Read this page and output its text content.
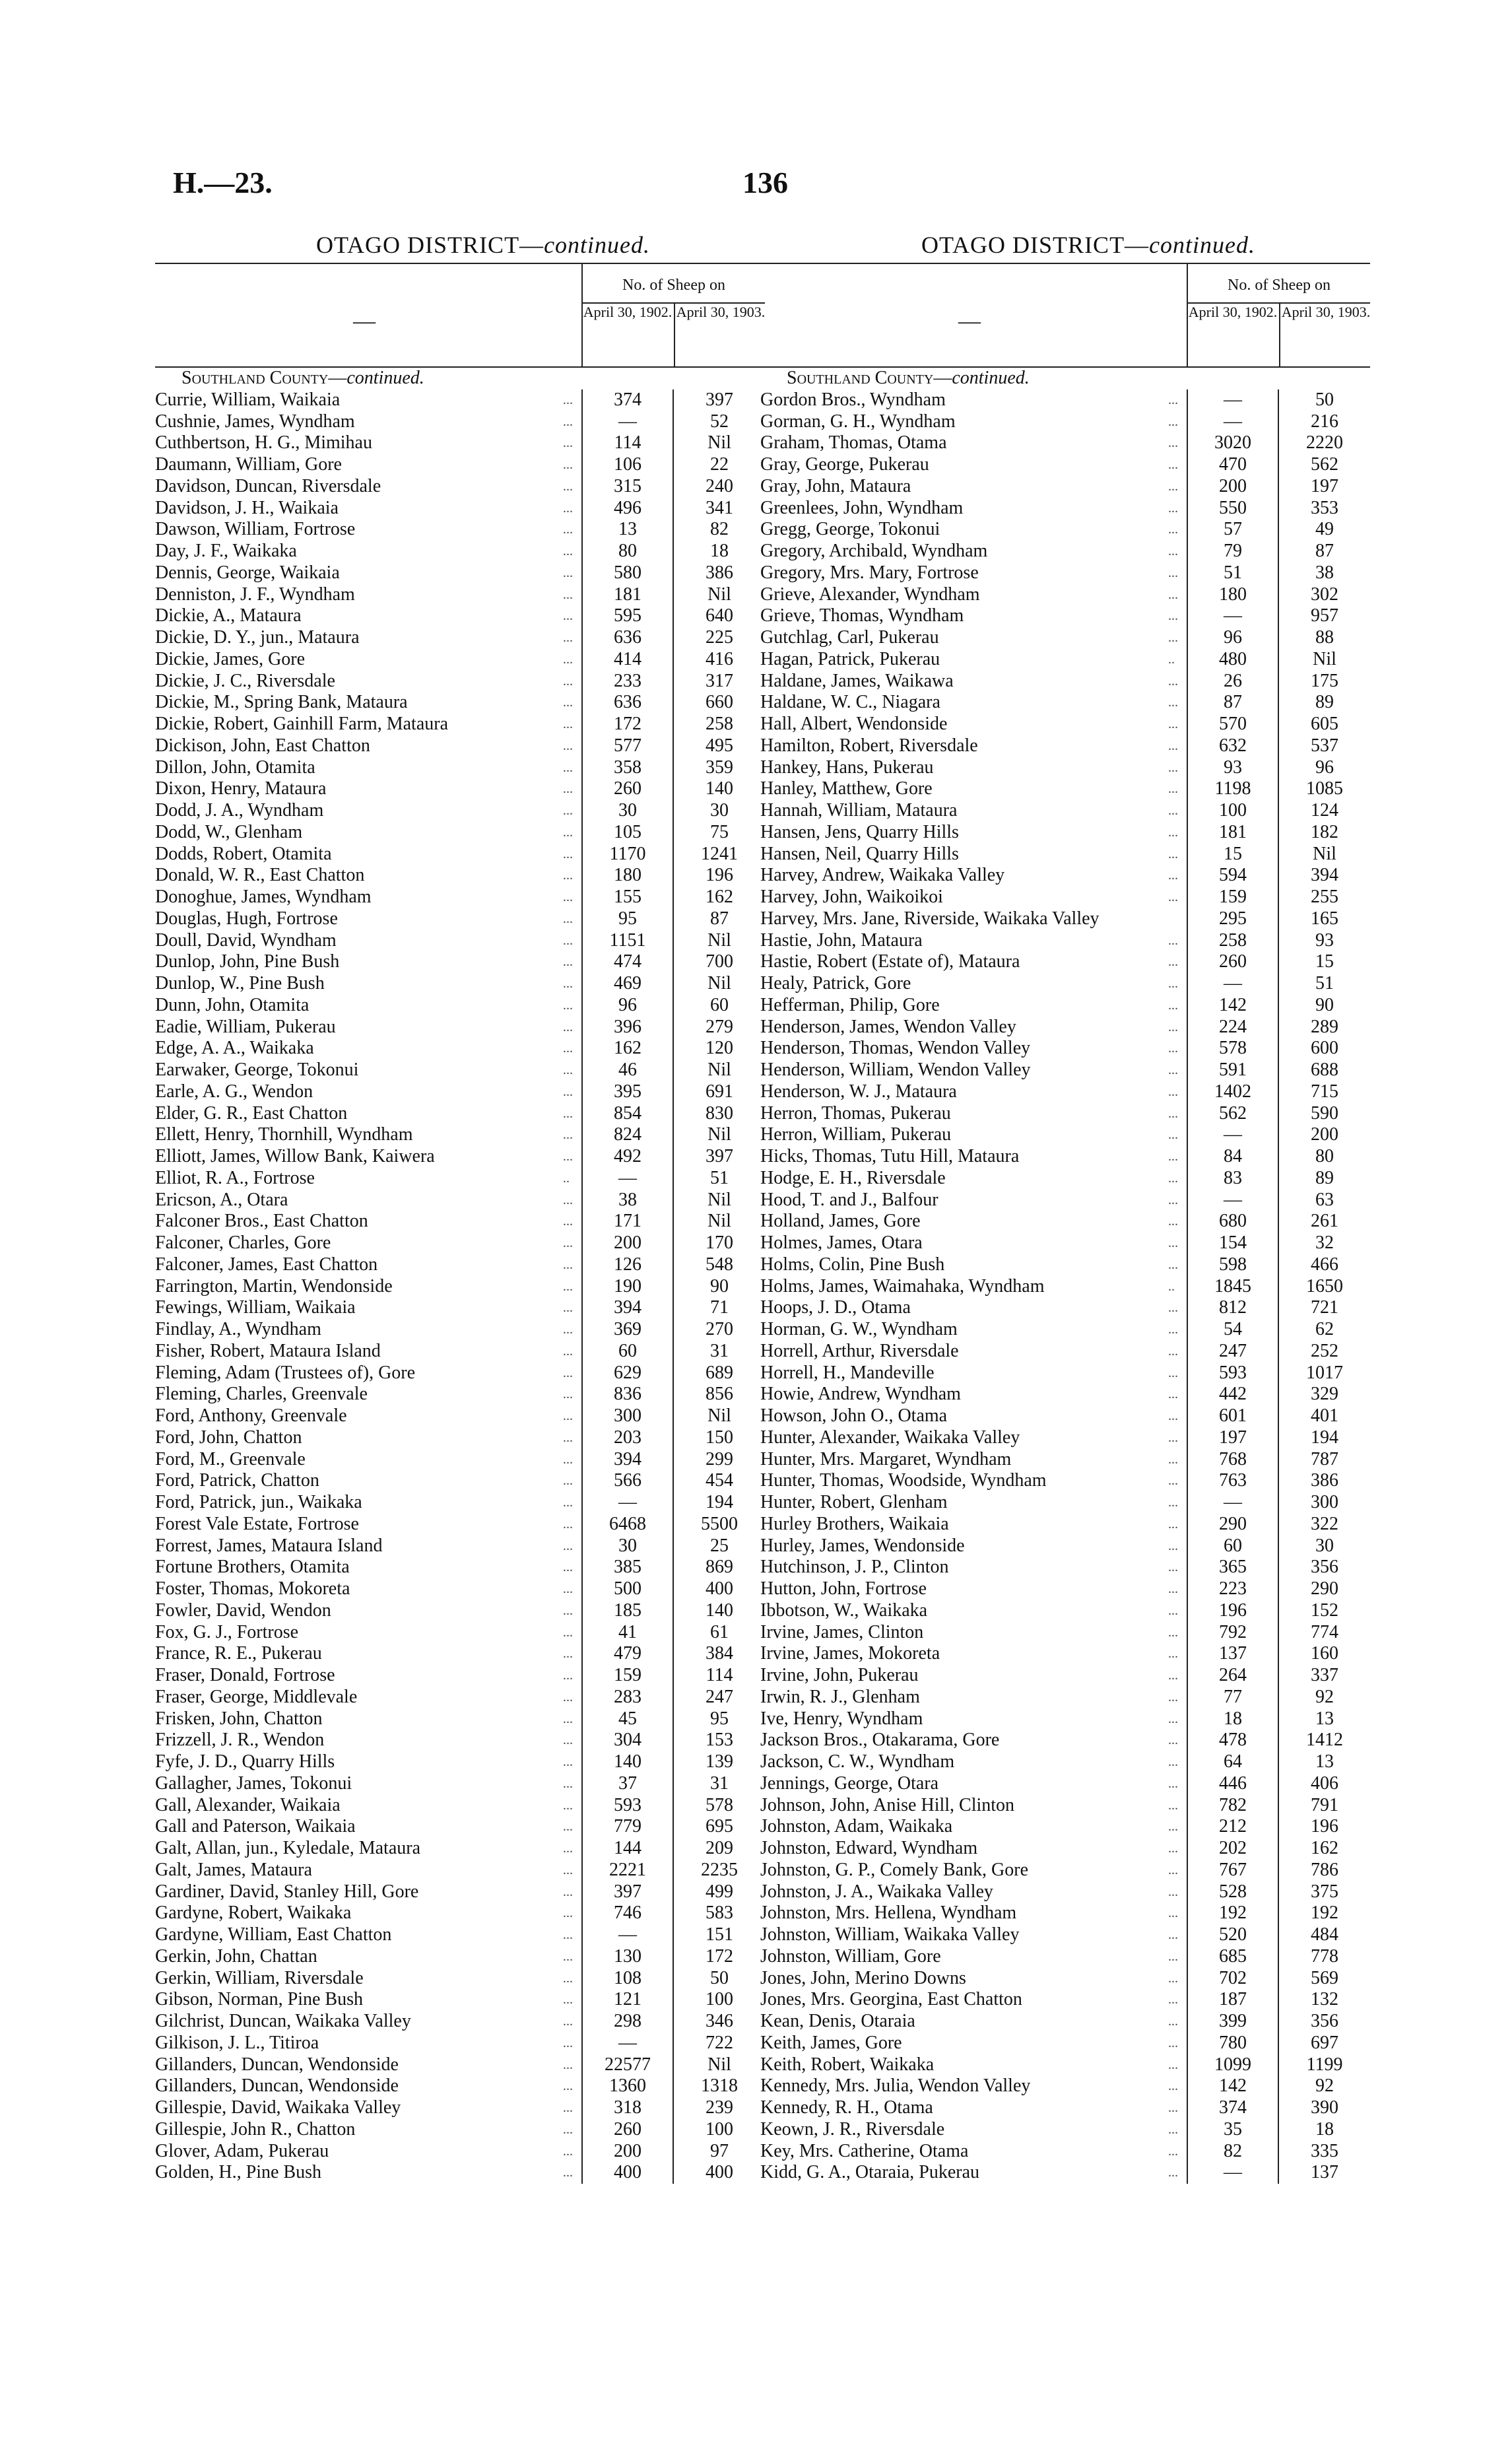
H.—23.	136
OTAGO DISTRICT—continued.
—
No. of Sheep on
April 30, 1902. April 30, 1903.
Southland County— continued.
Currie, William, Waikaia	...	374	397
Cushnie, James, Wyndham	...	—	52
Cuthbertson, H. G., Mimihau	...	114	Nil
Daumann, William, Gore	...	106	22
Davidson, Duncan, Riversdale	...	315	240
Davidson, J. H., Waikaia	...	496	341
Dawson, William, Fortrose	...	13	82
Day, J. F., Waikaka	...	80	18
Dennis, George, Waikaia	...	580	386
Denniston, J. F., Wyndham	...	181	Nil
Dickie, A., Mataura	...	595	640
Dickie, D. Y., jun., Mataura	...	636	225
Dickie, James, Gore	...	414	416
Dickie, J. C., Riversdale	...	233	317
Dickie, M., Spring Bank, Mataura	...	636	660
Dickie, Robert, Gainhill Farm, Mataura	...	172	258
Dickison, John, East Chatton	...	577	495
Dillon, John, Otamita	...	358	359
Dixon, Henry, Mataura	...	260	140
Dodd, J. A., Wyndham	...	30	30
Dodd, W., Glenham	...	105	75
Dodds, Robert, Otamita	...	1170	1241
Donald, W. R., East Chatton	...	180	196
Donoghue, James, Wyndham	...	155	162
Douglas, Hugh, Fortrose	...	95	87
Doull, David, Wyndham	...	1151	Nil
Dunlop, John, Pine Bush	...	474	700
Dunlop, W., Pine Bush	...	469	Nil
Dunn, John, Otamita	...	96	60
Eadie, William, Pukerau	...	396	279
Edge, A. A., Waikaka	...	162	120
Earwaker, George, Tokonui	...	46	Nil
Earle, A. G., Wendon	...	395	691
Elder, G. R., East Chatton	...	854	830
Ellett, Henry, Thornhill, Wyndham	...	824	Nil
Elliott, James, Willow Bank, Kaiwera	...	492	397
Elliot, R. A., Fortrose	..	—	51
Ericson, A., Otara	...	38	Nil
Falconer Bros., East Chatton	...	171	Nil
Falconer, Charles, Gore	...	200	170
Falconer, James, East Chatton	...	126	548
Farrington, Martin, Wendonside	...	190	90
Fewings, William, Waikaia	...	394	71
Findlay, A., Wyndham	...	369	270
Fisher, Robert, Mataura Island	...	60	31
Fleming, Adam (Trustees of), Gore	...	629	689
Fleming, Charles, Greenvale	...	836	856
Ford, Anthony, Greenvale	...	300	Nil
Ford, John, Chatton	...	203	150
Ford, M., Greenvale	...	394	299
Ford, Patrick, Chatton	...	566	454
Ford, Patrick, jun., Waikaka	...	—	194
Forest Vale Estate, Fortrose	...	6468	5500
Forrest, James, Mataura Island	...	30	25
Fortune Brothers, Otamita	...	385	869
Foster, Thomas, Mokoreta	...	500	400
Fowler, David, Wendon	...	185	140
Fox, G. J., Fortrose	...	41	61
France, R. E., Pukerau	...	479	384
Fraser, Donald, Fortrose	...	159	114
Fraser, George, Middlevale	...	283	247
Frisken, John, Chatton	...	45	95
Frizzell, J. R., Wendon	...	304	153
Fyfe, J. D., Quarry Hills	...	140	139
Gallagher, James, Tokonui	...	37	31
Gall, Alexander, Waikaia	...	593	578
Gall and Paterson, Waikaia	...	779	695
Galt, Allan, jun., Kyledale, Mataura	...	144	209
Galt, James, Mataura	...	2221	2235
Gardiner, David, Stanley Hill, Gore	...	397	499
Gardyne, Robert, Waikaka	...	746	583
Gardyne, William, East Chatton	...	—	151
Gerkin, John, Chattan	...	130	172
Gerkin, William, Riversdale	...	108	50
Gibson, Norman, Pine Bush	...	121	100
Gilchrist, Duncan, Waikaka Valley	...	298	346
Gilkison, J. L., Titiroa	...	—	722
Gillanders, Duncan, Wendonside	...	22577	Nil
Gillanders, Duncan, Wendonside	...	1360	1318
Gillespie, David, Waikaka Valley	...	318	239
Gillespie, John R., Chatton	...	260	100
Glover, Adam, Pukerau	...	200	97
Golden, H., Pine Bush	...	400	400
OTAGO DISTRICT—continued.
—
No. of Sheep on
April 30, 1902. April 30, 1903.
Southland County— continued.
Gordon Bros., Wyndham	...	—	50
Gorman, G. H., Wyndham	...	—	216
Graham, Thomas, Otama	...	3020	2220
Gray, George, Pukerau	...	470	562
Gray, John, Mataura	...	200	197
Greenlees, John, Wyndham	...	550	353
Gregg, George, Tokonui	...	57	49
Gregory, Archibald, Wyndham	...	79	87
Gregory, Mrs. Mary, Fortrose	...	51	38
Grieve, Alexander, Wyndham	...	180	302
Grieve, Thomas, Wyndham	...	—	957
Gutchlag, Carl, Pukerau	...	96	88
Hagan, Patrick, Pukerau	..	480	Nil
Haldane, James, Waikawa	...	26	175
Haldane, W. C., Niagara	...	87	89
Hall, Albert, Wendonside	...	570	605
Hamilton, Robert, Riversdale	...	632	537
Hankey, Hans, Pukerau	...	93	96
Hanley, Matthew, Gore	...	1198	1085
Hannah, William, Mataura	...	100	124
Hansen, Jens, Quarry Hills	...	181	182
Hansen, Neil, Quarry Hills	...	15	Nil
Harvey, Andrew, Waikaka Valley	...	594	394
Harvey, John, Waikoikoi	...	159	255
Harvey, Mrs. Jane, Riverside, Waikaka Valley	295	165
Hastie, John, Mataura	...	258	93
Hastie, Robert (Estate of), Mataura	...	260	15
Healy, Patrick, Gore	...	—	51
Hefferman, Philip, Gore	...	142	90
Henderson, James, Wendon Valley	...	224	289
Henderson, Thomas, Wendon Valley	...	578	600
Henderson, William, Wendon Valley	...	591	688
Henderson, W. J., Mataura	...	1402	715
Herron, Thomas, Pukerau	...	562	590
Herron, William, Pukerau	...	—	200
Hicks, Thomas, Tutu Hill, Mataura	...	84	80
Hodge, E. H., Riversdale	...	83	89
Hood, T. and J., Balfour	...	—	63
Holland, James, Gore	...	680	261
Holmes, James, Otara	...	154	32
Holms, Colin, Pine Bush	...	598	466
Holms, James, Waimahaka, Wyndham	..	1845	1650
Hoops, J. D., Otama	...	812	721
Horman, G. W., Wyndham	...	54	62
Horrell, Arthur, Riversdale	...	247	252
Horrell, H., Mandeville	...	593	1017
Howie, Andrew, Wyndham	...	442	329
Howson, John O., Otama	...	601	401
Hunter, Alexander, Waikaka Valley	...	197	194
Hunter, Mrs. Margaret, Wyndham	...	768	787
Hunter, Thomas, Woodside, Wyndham	...	763	386
Hunter, Robert, Glenham	...	—	300
Hurley Brothers, Waikaia	...	290	322
Hurley, James, Wendonside	...	60	30
Hutchinson, J. P., Clinton	...	365	356
Hutton, John, Fortrose	...	223	290
Ibbotson, W., Waikaka	...	196	152
Irvine, James, Clinton	...	792	774
Irvine, James, Mokoreta	...	137	160
Irvine, John, Pukerau	...	264	337
Irwin, R. J., Glenham	...	77	92
Ive, Henry, Wyndham	...	18	13
Jackson Bros., Otakarama, Gore	...	478	1412
Jackson, C. W., Wyndham	...	64	13
Jennings, George, Otara	...	446	406
Johnson, John, Anise Hill, Clinton	...	782	791
Johnston, Adam, Waikaka	...	212	196
Johnston, Edward, Wyndham	...	202	162
Johnston, G. P., Comely Bank, Gore	...	767	786
Johnston, J. A., Waikaka Valley	...	528	375
Johnston, Mrs. Hellena, Wyndham	...	192	192
Johnston, William, Waikaka Valley	...	520	484
Johnston, William, Gore	...	685	778
Jones, John, Merino Downs	...	702	569
Jones, Mrs. Georgina, East Chatton	...	187	132
Kean, Denis, Otaraia	...	399	356
Keith, James, Gore	...	780	697
Keith, Robert, Waikaka	...	1099	1199
Kennedy, Mrs. Julia, Wendon Valley	...	142	92
Kennedy, R. H., Otama	...	374	390
Keown, J. R., Riversdale	...	35	18
Key, Mrs. Catherine, Otama	...	82	335
Kidd, G. A., Otaraia, Pukerau	...	—	137
